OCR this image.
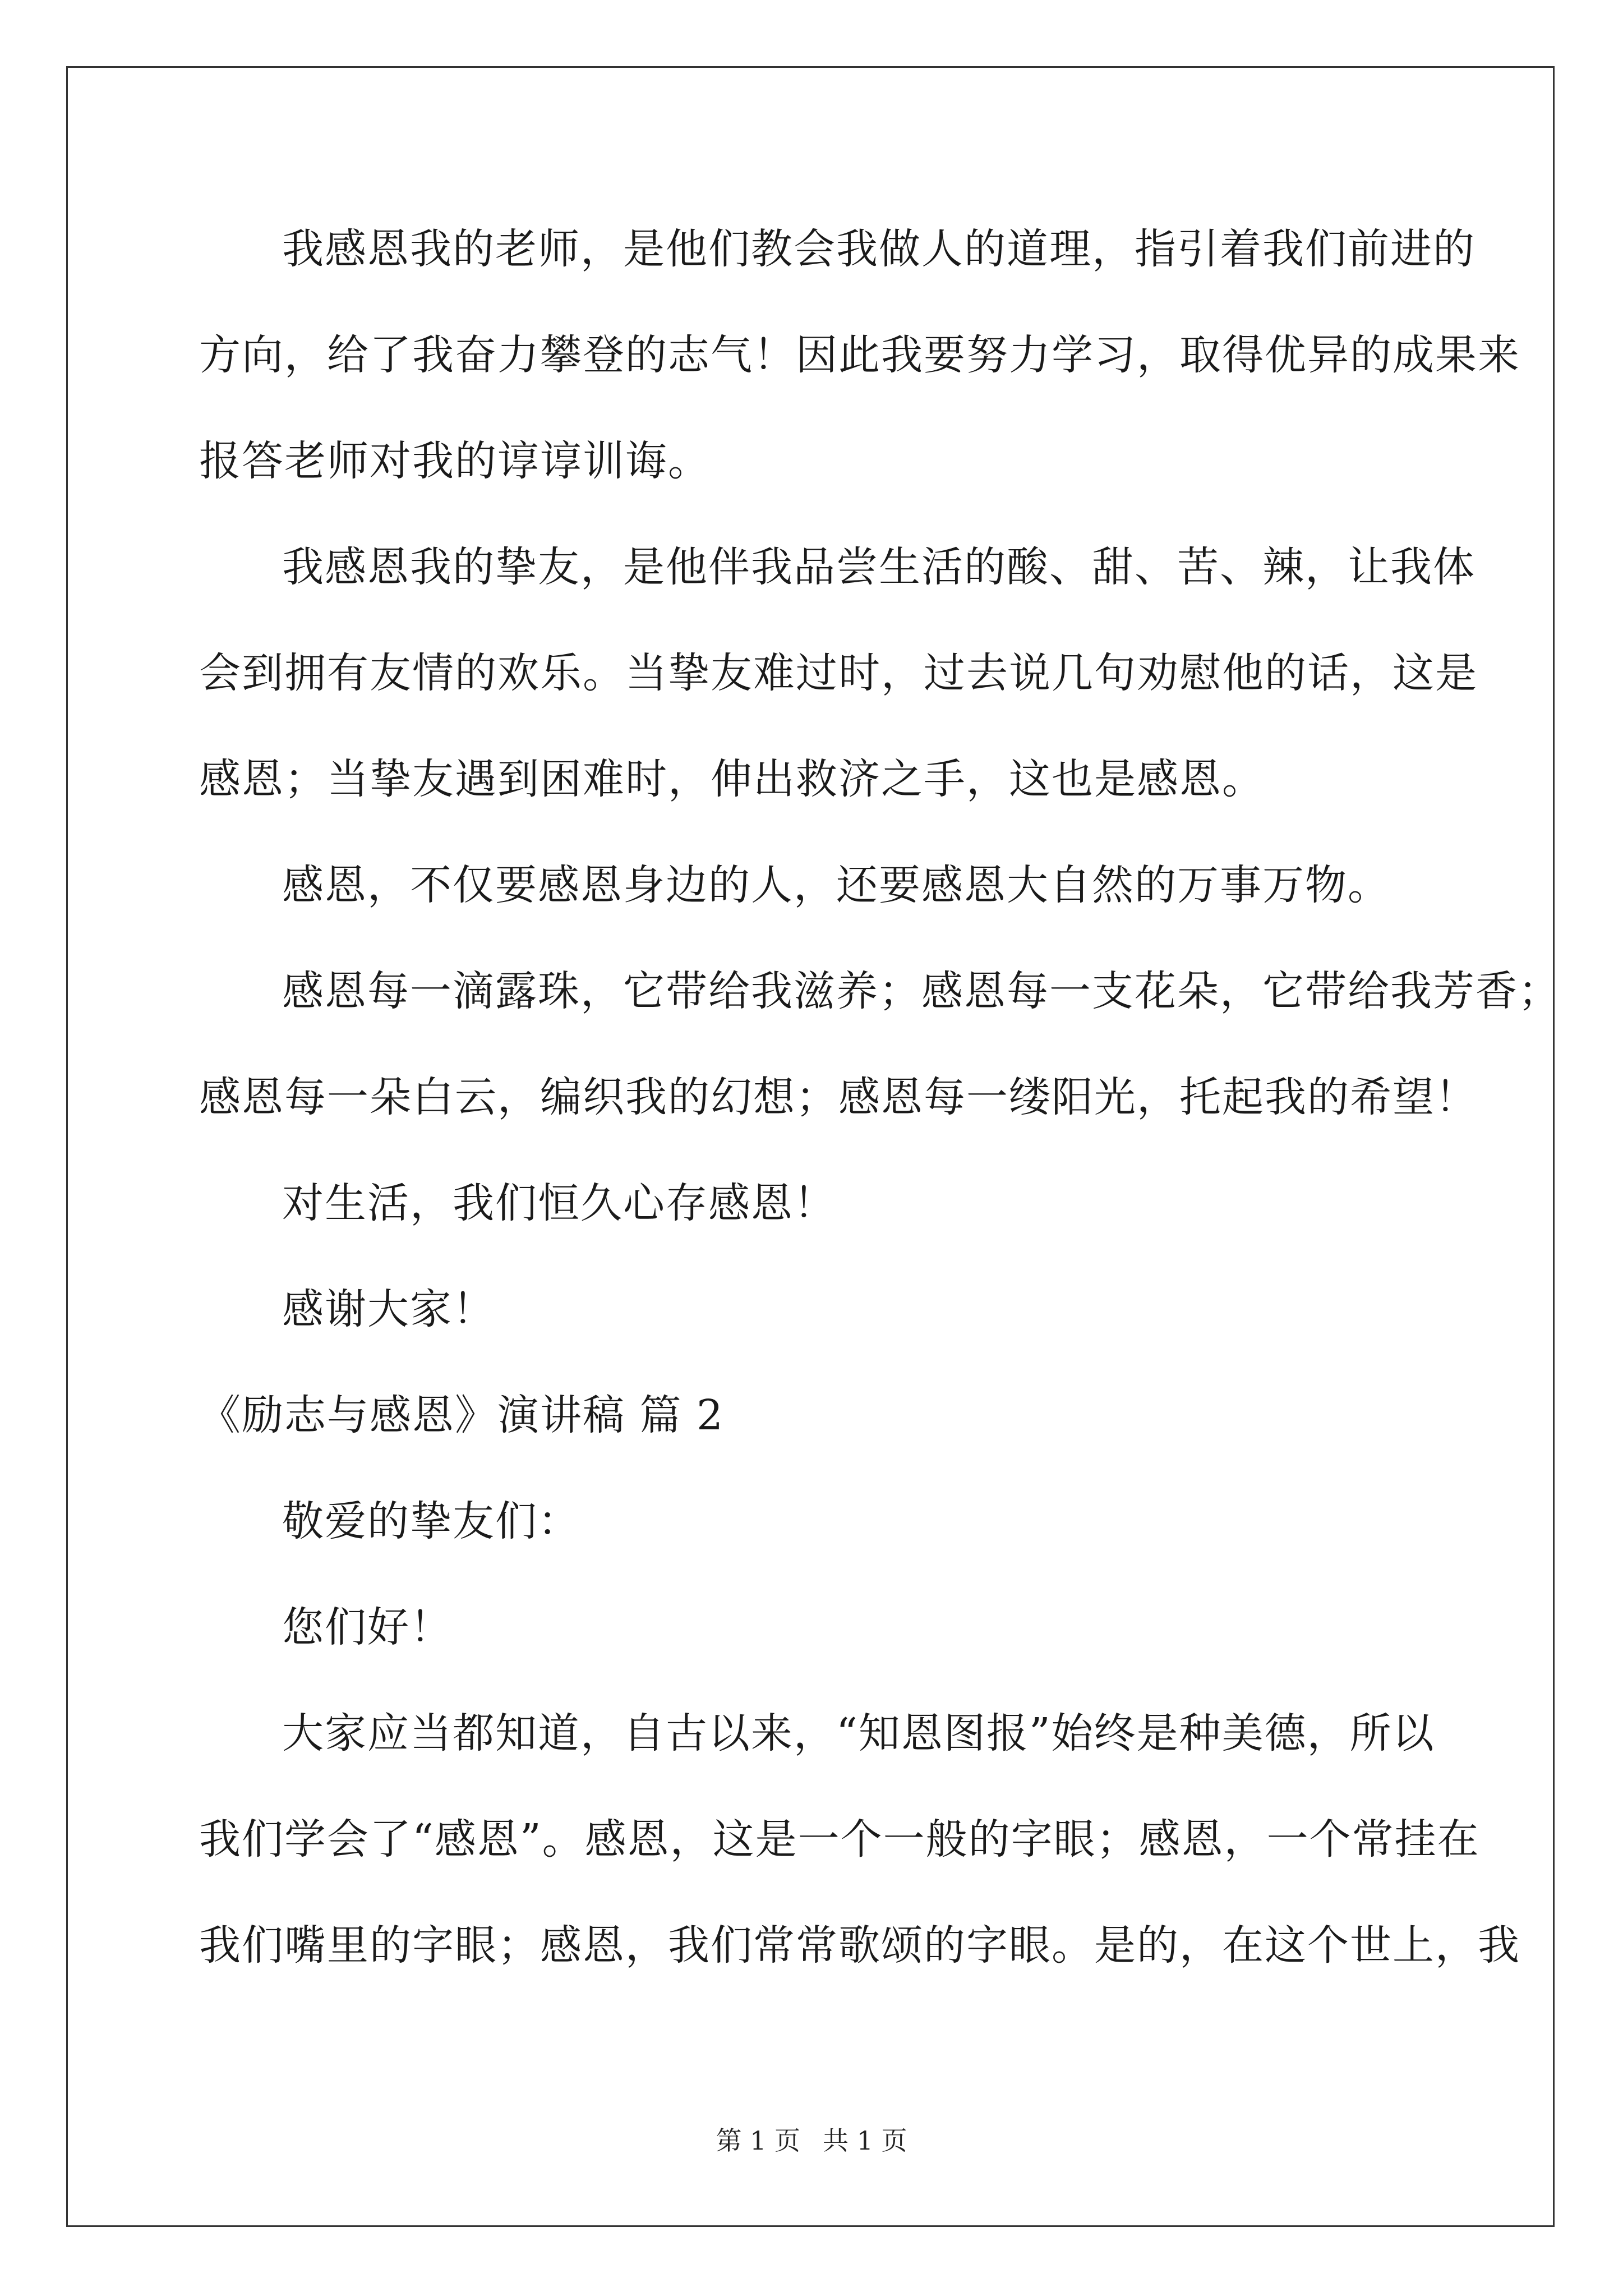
我感恩我的老师，是他们教会我做人的道理，指引着我们前进的
方向，给了我奋力攀登的志气！因此我要努力学习，取得优异的成果来
报答老师对我的谆谆训诲。
我感恩我的挚友，是他伴我品尝生活的酸、甜、苦、辣，让我体
会到拥有友情的欢乐。当挚友难过时，过去说几句劝慰他的话，这是
感恩；当挚友遇到困难时，伸出救济之手，这也是感恩。
感恩，不仅要感恩身边的人，还要感恩大自然的万事万物。
感恩每一滴露珠，它带给我滋养；感恩每一支花朵，它带给我芳香；
感恩每一朵白云，编织我的幻想；感恩每一缕阳光，托起我的希望！
对生活，我们恒久心存感恩！
感谢大家！
《励志与感恩》演讲稿 篇 2
敬爱的挚友们：
您们好！
大家应当都知道，自古以来，“知恩图报”始终是种美德，所以
我们学会了“感恩”。感恩，这是一个一般的字眼；感恩，一个常挂在
我们嘴里的字眼；感恩，我们常常歌颂的字眼。是的，在这个世上，我
第 1 页 共 1 页
